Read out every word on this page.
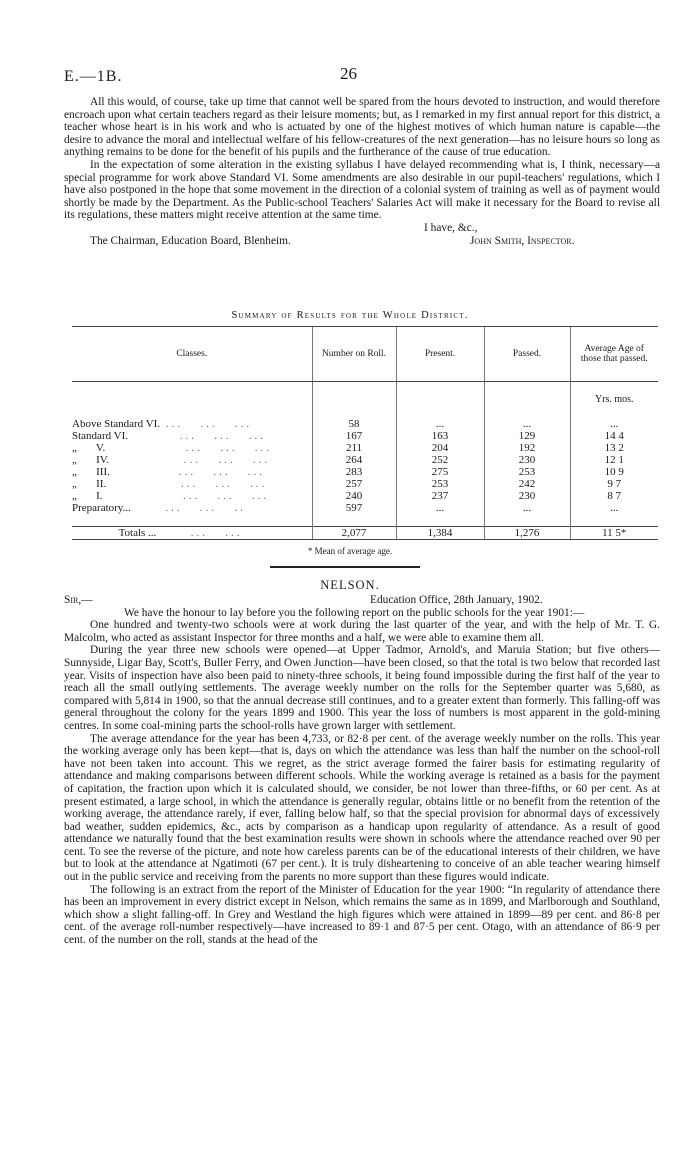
E.—1B.	26

All this would, of course, take up time that cannot well be spared from the hours devoted to instruction, and would therefore encroach upon what certain teachers regard as their leisure moments; but, as I remarked in my first annual report for this district, a teacher whose heart is in his work and who is actuated by one of the highest motives of which human nature is capable—the desire to advance the moral and intellectual welfare of his fellow-creatures of the next generation—has no leisure hours so long as anything remains to be done for the benefit of his pupils and the furtherance of the cause of true education.

In the expectation of some alteration in the existing syllabus I have delayed recommending what is, I think, necessary—a special programme for work above Standard VI. Some amendments are also desirable in our pupil-teachers' regulations, which I have also postponed in the hope that some movement in the direction of a colonial system of training as well as of payment would shortly be made by the Department. As the Public-school Teachers' Salaries Act will make it necessary for the Board to revise all its regulations, these matters might receive attention at the same time.

I have, &c.,
The Chairman, Education Board, Blenheim.	John Smith, Inspector.
Summary of Results for the Whole District.
Classes.	Number on Roll.	Present.	Passed.	Average Age of those that passed.

				Yrs. mos.

Above Standard VI. ...   ...   ...	58	...	...	...
Standard VI.         ...   ...   ...	167	163	129	14 4
„       V.              ...   ...   ...	211	204	192	13 2
„       IV.             ...   ...   ...	264	252	230	12 1
„       III.            ...   ...   ...	283	275	253	10 9
„       II.             ...   ...   ...	257	253	242	9 7
„       I.              ...   ...   ...	240	237	230	8 7
Preparatory...      ...   ...   ..	597	...	...	...

Totals ...      ...   ...	2,077	1,384	1,276	11 5*
* Mean of average age.
NELSON.
Sir,—	Education Office, 28th January, 1902.

We have the honour to lay before you the following report on the public schools for the year 1901:—

One hundred and twenty-two schools were at work during the last quarter of the year, and with the help of Mr. T. G. Malcolm, who acted as assistant Inspector for three months and a half, we were able to examine them all.

During the year three new schools were opened—at Upper Tadmor, Arnold's, and Maruia Station; but five others—Sunnyside, Ligar Bay, Scott's, Buller Ferry, and Owen Junction—have been closed, so that the total is two below that recorded last year. Visits of inspection have also been paid to ninety-three schools, it being found impossible during the first half of the year to reach all the small outlying settlements. The average weekly number on the rolls for the September quarter was 5,680, as compared with 5,814 in 1900, so that the annual decrease still continues, and to a greater extent than formerly. This falling-off was general throughout the colony for the years 1899 and 1900. This year the loss of numbers is most apparent in the gold-mining centres. In some coal-mining parts the school-rolls have grown larger with settlement.

The average attendance for the year has been 4,733, or 82·8 per cent. of the average weekly number on the rolls. This year the working average only has been kept—that is, days on which the attendance was less than half the number on the school-roll have not been taken into account. This we regret, as the strict average formed the fairer basis for estimating regularity of attendance and making comparisons between different schools. While the working average is retained as a basis for the payment of capitation, the fraction upon which it is calculated should, we consider, be not lower than three-fifths, or 60 per cent. As at present estimated, a large school, in which the attendance is generally regular, obtains little or no benefit from the retention of the working average, the attendance rarely, if ever, falling below half, so that the special provision for abnormal days of excessively bad weather, sudden epidemics, &c., acts by comparison as a handicap upon regularity of attendance. As a result of good attendance we naturally found that the best examination results were shown in schools where the attendance reached over 90 per cent. To see the reverse of the picture, and note how careless parents can be of the educational interests of their children, we have but to look at the attendance at Ngatimoti (67 per cent.). It is truly disheartening to conceive of an able teacher wearing himself out in the public service and receiving from the parents no more support than these figures would indicate.

The following is an extract from the report of the Minister of Education for the year 1900: “In regularity of attendance there has been an improvement in every district except in Nelson, which remains the same as in 1899, and Marlborough and Southland, which show a slight falling-off. In Grey and Westland the high figures which were attained in 1899—89 per cent. and 86·8 per cent. of the average roll-number respectively—have increased to 89·1 and 87·5 per cent. Otago, with an attendance of 86·9 per cent. of the number on the roll, stands at the head of the
